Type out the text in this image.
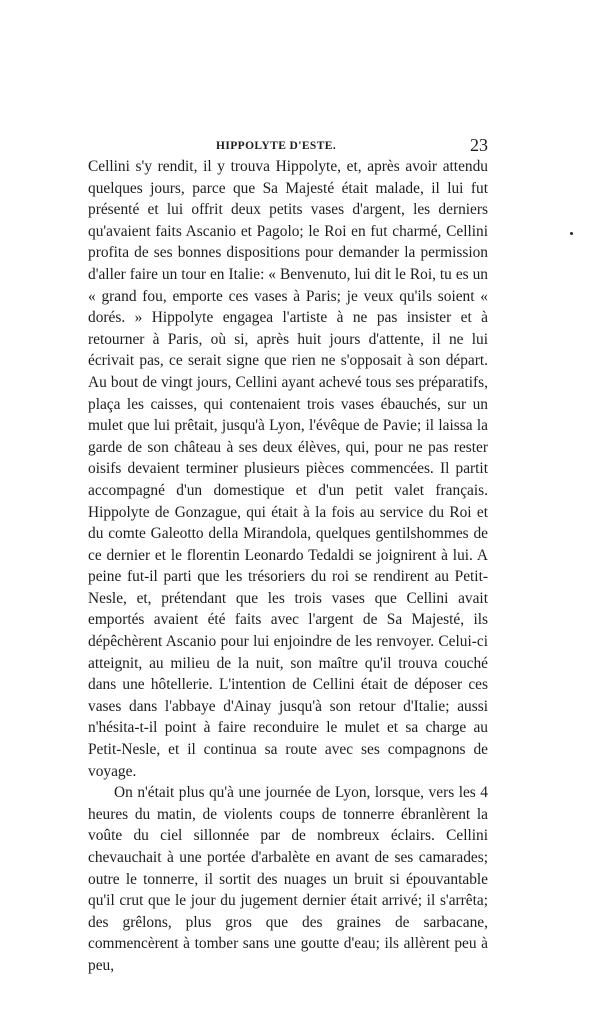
HIPPOLYTE D'ESTE.	23

Cellini s'y rendit, il y trouva Hippolyte, et, après avoir attendu quelques jours, parce que Sa Majesté était malade, il lui fut présenté et lui offrit deux petits vases d'argent, les derniers qu'avaient faits Ascanio et Pagolo; le Roi en fut charmé, Cellini profita de ses bonnes dispositions pour demander la permission d'aller faire un tour en Italie: « Benvenuto, lui dit le Roi, tu es un « grand fou, emporte ces vases à Paris; je veux qu'ils soient « dorés. » Hippolyte engagea l'artiste à ne pas insister et à retourner à Paris, où si, après huit jours d'attente, il ne lui écrivait pas, ce serait signe que rien ne s'opposait à son départ. Au bout de vingt jours, Cellini ayant achevé tous ses préparatifs, plaça les caisses, qui contenaient trois vases ébauchés, sur un mulet que lui prêtait, jusqu'à Lyon, l'évêque de Pavie; il laissa la garde de son château à ses deux élèves, qui, pour ne pas rester oisifs devaient terminer plusieurs pièces commencées. Il partit accompagné d'un domestique et d'un petit valet français. Hippolyte de Gonzague, qui était à la fois au service du Roi et du comte Galeotto della Mirandola, quelques gentilshommes de ce dernier et le florentin Leonardo Tedaldi se joignirent à lui. A peine fut-il parti que les trésoriers du roi se rendirent au Petit-Nesle, et, prétendant que les trois vases que Cellini avait emportés avaient été faits avec l'argent de Sa Majesté, ils dépêchèrent Ascanio pour lui enjoindre de les renvoyer. Celui-ci atteignit, au milieu de la nuit, son maître qu'il trouva couché dans une hôtellerie. L'intention de Cellini était de déposer ces vases dans l'abbaye d'Ainay jusqu'à son retour d'Italie; aussi n'hésita-t-il point à faire reconduire le mulet et sa charge au Petit-Nesle, et il continua sa route avec ses compagnons de voyage.

On n'était plus qu'à une journée de Lyon, lorsque, vers les 4 heures du matin, de violents coups de tonnerre ébranlèrent la voûte du ciel sillonnée par de nombreux éclairs. Cellini chevauchait à une portée d'arbalète en avant de ses camarades; outre le tonnerre, il sortit des nuages un bruit si épouvantable qu'il crut que le jour du jugement dernier était arrivé; il s'arrêta; des grêlons, plus gros que des graines de sarbacane, commencèrent à tomber sans une goutte d'eau; ils allèrent peu à peu,
